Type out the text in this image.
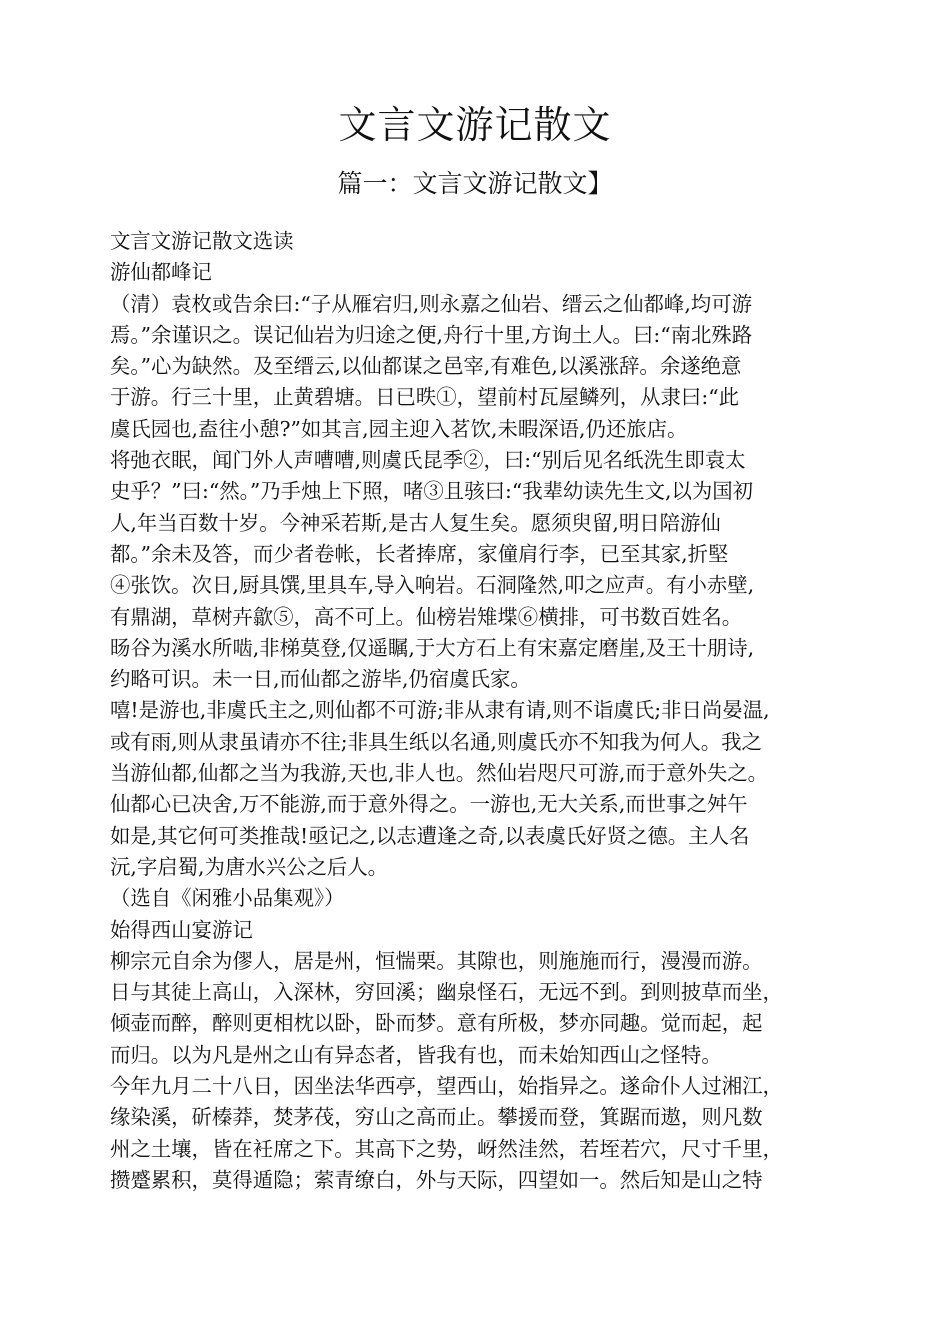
文言文游记散文
篇一：文言文游记散文】
文言文游记散文选读
游仙都峰记
（清）袁枚或告余曰:“子从雁宕归,则永嘉之仙岩、缙云之仙都峰,均可游
焉。”余谨识之。误记仙岩为归途之便,舟行十里,方询土人。曰:“南北殊路
矣。”心为缺然。及至缙云,以仙都谋之邑宰,有难色,以溪涨辞。余遂绝意
于游。行三十里，止黄碧塘。日已昳①，望前村瓦屋鳞列，从隶曰:“此
虞氏园也,盍往小憩?”如其言,园主迎入茗饮,未暇深语,仍还旅店。
将弛衣眠，闻门外人声嘈嘈,则虞氏昆季②，曰:“别后见名纸洗生即袁太
史乎？”曰:“然。”乃手烛上下照，啫③且骇曰:“我辈幼读先生文,以为国初
人,年当百数十岁。今神采若斯,是古人复生矣。愿须臾留,明日陪游仙
都。”余未及答，而少者卷帐，长者捧席，家僮肩行李，已至其家,折堅
④张饮。次日,厨具馔,里具车,导入响岩。石洞隆然,叩之应声。有小赤壁,
有鼎湖，草树卉歙⑤，高不可上。仙榜岩雉堞⑥横排，可书数百姓名。
旸谷为溪水所啮,非梯莫登,仅遥瞩,于大方石上有宋嘉定磨崖,及王十朋诗,
约略可识。未一日,而仙都之游毕,仍宿虞氏家。
嘻!是游也,非虞氏主之,则仙都不可游;非从隶有请,则不诣虞氏;非日尚晏温,
或有雨,则从隶虽请亦不往;非具生纸以名通,则虞氏亦不知我为何人。我之
当游仙都,仙都之当为我游,天也,非人也。然仙岩咫尺可游,而于意外失之。
仙都心已决舍,万不能游,而于意外得之。一游也,无大关系,而世事之舛午
如是,其它何可类推哉!亟记之,以志遭逢之奇,以表虞氏好贤之德。主人名
沅,字启蜀,为唐水兴公之后人。
（选自《闲雅小品集观》）
始得西山宴游记
柳宗元自余为僇人，居是州，恒惴栗。其隙也，则施施而行，漫漫而游。
日与其徒上高山，入深林，穷回溪；幽泉怪石，无远不到。到则披草而坐，
倾壶而醉，醉则更相枕以卧，卧而梦。意有所极，梦亦同趣。觉而起，起
而归。以为凡是州之山有异态者，皆我有也，而未始知西山之怪特。
今年九月二十八日，因坐法华西亭，望西山，始指异之。遂命仆人过湘江，
缘染溪，斫榛莽，焚茅茷，穷山之高而止。攀援而登，箕踞而遨，则凡数
州之土壤，皆在衽席之下。其高下之势，岈然洼然，若垤若穴，尺寸千里，
攒蹙累积，莫得遁隐；萦青缭白，外与天际，四望如一。然后知是山之特
